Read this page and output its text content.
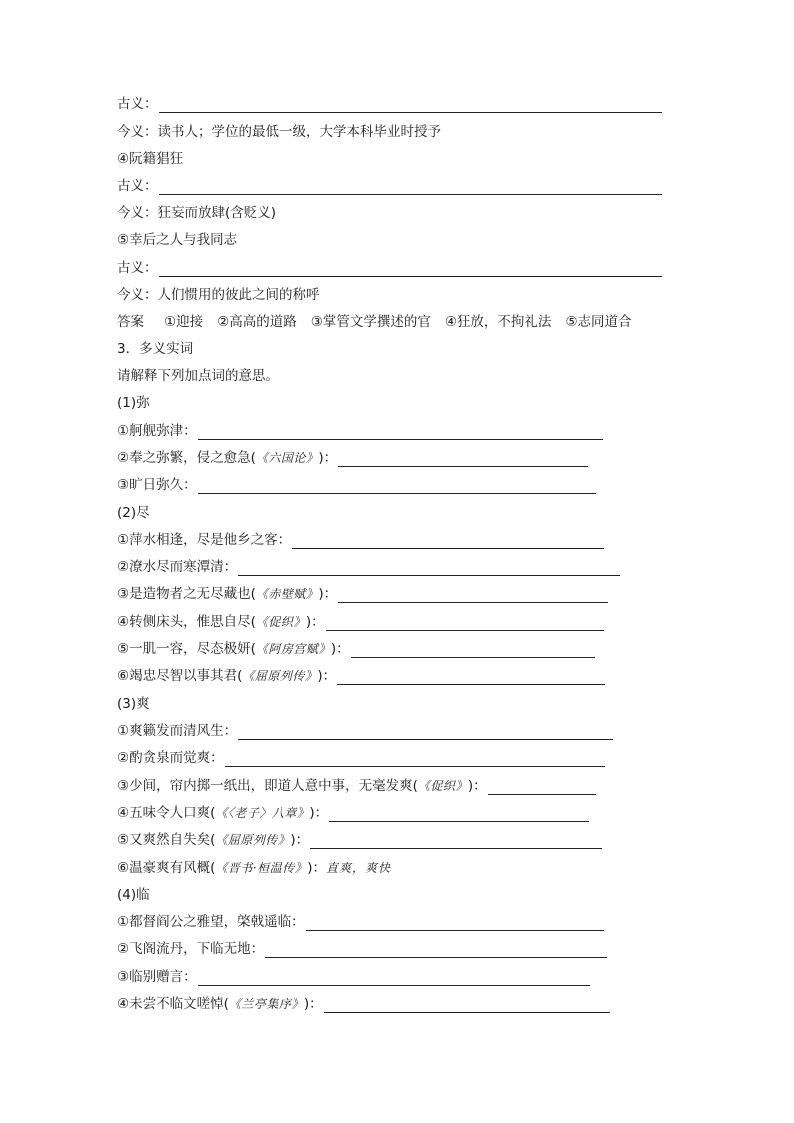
古义：
今义：读书人；学位的最低一级，大学本科毕业时授予
④阮籍猖狂
古义：
今义：狂妄而放肆(含贬义)
⑤幸后之人与我同志
古义：
今义：人们惯用的彼此之间的称呼
答案 ①迎接 ②高高的道路 ③掌管文学撰述的官 ④狂放，不拘礼法 ⑤志同道合
3．多义实词
请解释下列加点词的意思。
(1)弥
①舸舰弥津：
②奉之弥繁，侵之愈急( 《六国论》 )：
③旷日弥久：
(2)尽
①萍水相逢，尽是他乡之客：
②潦水尽而寒潭清：
③是造物者之无尽藏也( 《赤壁赋》 )：
④转侧床头，惟思自尽( 《促织》 )：
⑤一肌一容，尽态极妍( 《阿房宫赋》 )：
⑥竭忠尽智以事其君( 《屈原列传》 )：
(3)爽
①爽籁发而清风生：
②酌贪泉而觉爽：
③少间，帘内掷一纸出，即道人意中事，无毫发爽( 《促织》 )：
④五味令人口爽( 《〈老子〉八章》 )：
⑤又爽然自失矣( 《屈原列传》 )：
⑥温豪爽有风概( 《晋书·桓温传》 )： 直爽，爽快
(4)临
①都督阎公之雅望，棨戟遥临：
②飞阁流丹，下临无地：
③临别赠言：
④未尝不临文嗟悼( 《兰亭集序》 )：
